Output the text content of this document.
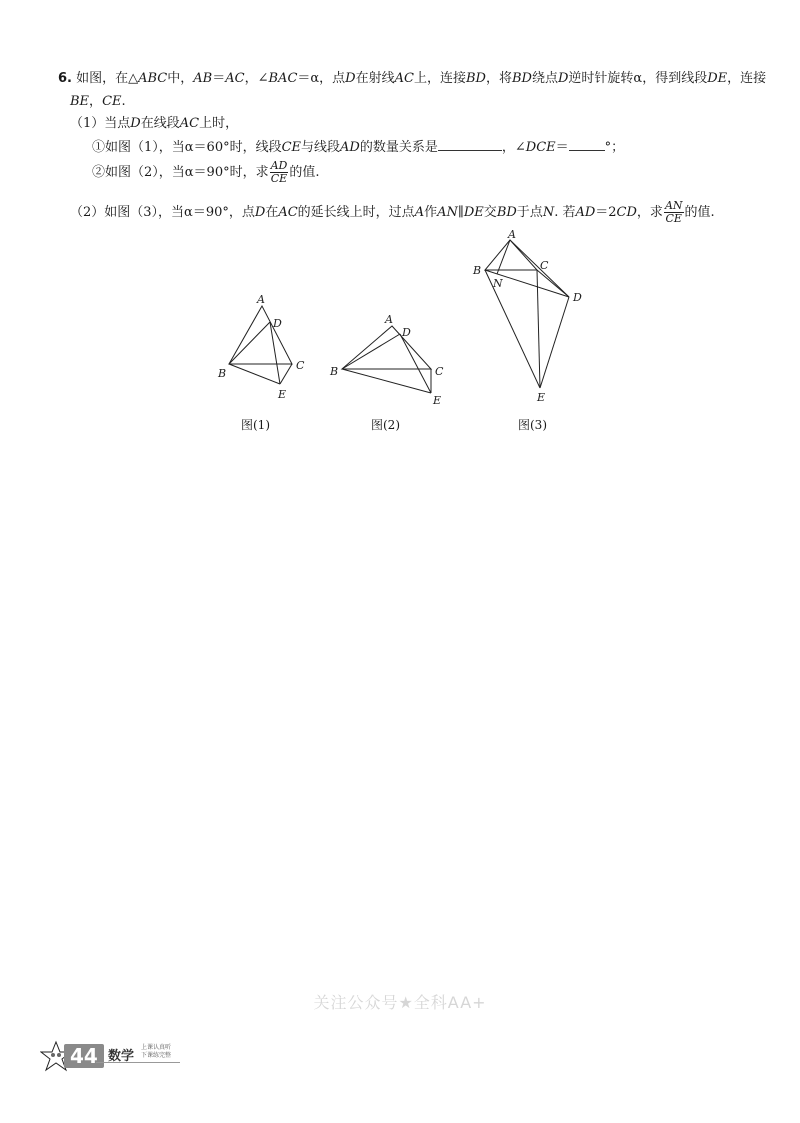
6. 如图，在△ABC中，AB＝AC，∠BAC＝α，点D在射线AC上，连接BD，将BD绕点D逆时针旋转α，得到线段DE，连接
BE，CE.
（1）当点D在线段AC上时，
①如图（1），当α＝60°时，线段CE与线段AD的数量关系是	，∠DCE＝	°；
②如图（2），当α＝90°时，求 $\frac{AD}{CE}$ 的值.
（2）如图（3），当α＝90°，点D在AC的延长线上时，过点A作AN∥DE交BD于点N. 若AD＝2CD，求 $\frac{AN}{CE}$ 的值.
A
B
C
D
E
A
B	C
D
E
A
B	C
D
E
N
图(1)	图(2)	图(3)
关注公众号★全科AA+
44 数学
上课认真听
下课练完整
